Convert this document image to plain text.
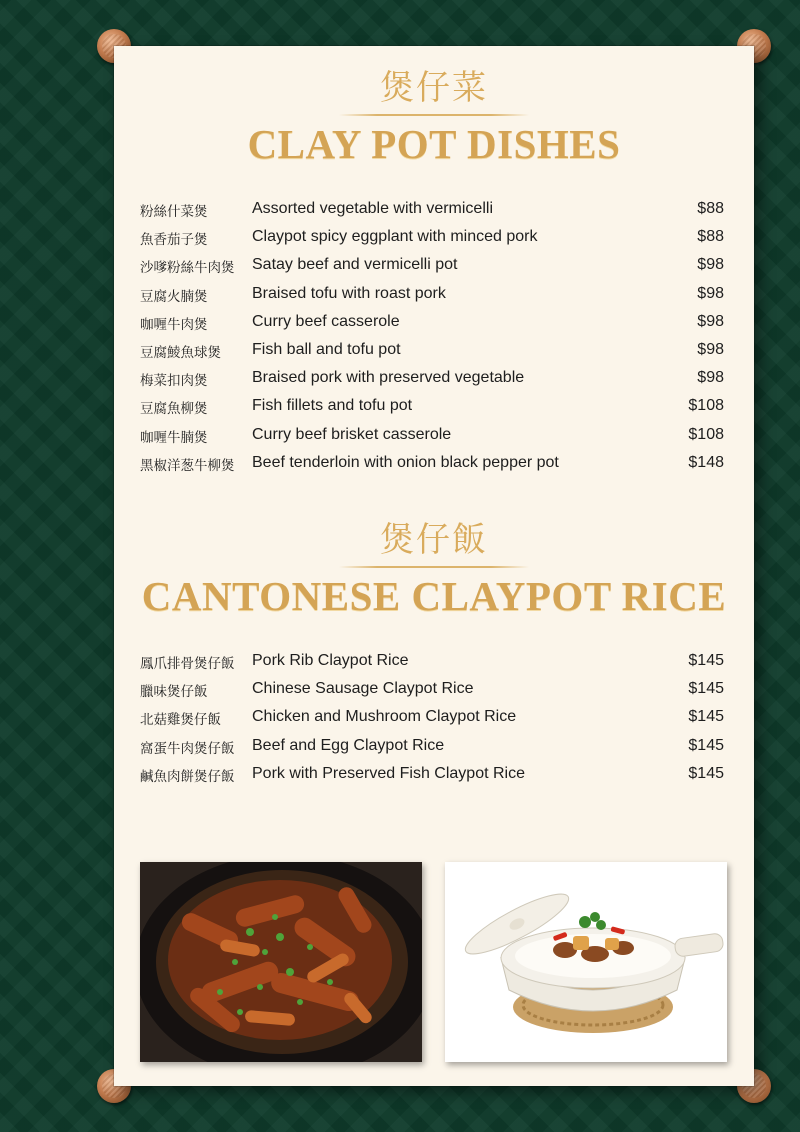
煲仔菜
CLAY POT DISHES
粉絲什菜煲	Assorted vegetable with vermicelli	$88
魚香茄子煲	Claypot spicy eggplant with minced pork	$88
沙嗲粉絲牛肉煲 Satay beef and vermicelli pot	$98
豆腐火腩煲	Braised tofu with roast pork	$98
咖喱牛肉煲	Curry beef casserole	$98
豆腐鯪魚球煲 Fish ball and tofu pot	$98
梅菜扣肉煲	Braised pork with preserved vegetable	$98
豆腐魚柳煲	Fish fillets and tofu pot	$108
咖喱牛腩煲	Curry beef brisket casserole	$108
黑椒洋葱牛柳煲 Beef tenderloin with onion black pepper pot	$148
煲仔飯
CANTONESE CLAYPOT RICE
鳳爪排骨煲仔飯 Pork Rib Claypot Rice	$145
臘味煲仔飯	Chinese Sausage Claypot Rice	$145
北菇雞煲仔飯 Chicken and Mushroom Claypot Rice	$145
窩蛋牛肉煲仔飯 Beef and Egg Claypot Rice	$145
鹹魚肉餅煲仔飯 Pork with Preserved Fish Claypot Rice	$145
